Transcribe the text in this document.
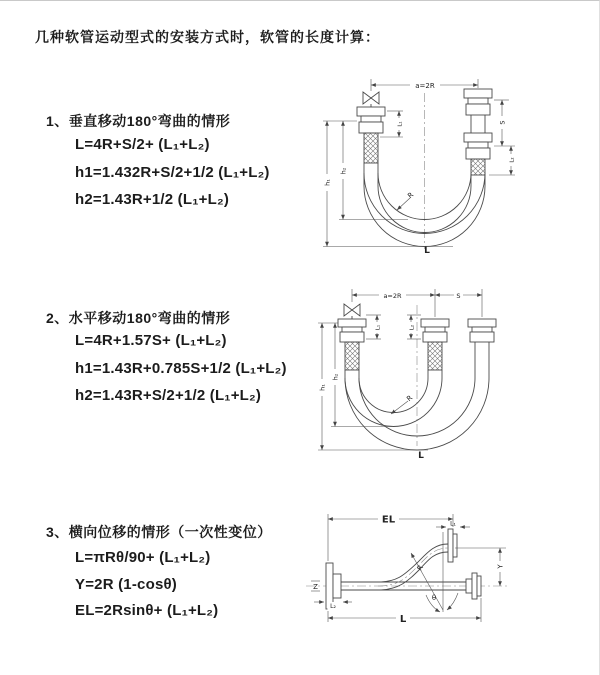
几种软管运动型式的安装方式时，软管的长度计算：
1、垂直移动180°弯曲的情形
L=4R+S/2+ (L₁+L₂)
h1=1.432R+S/2+1/2 (L₁+L₂)
h2=1.43R+1/2 (L₁+L₂)
2、水平移动180°弯曲的情形
L=4R+1.57S+ (L₁+L₂)
h1=1.43R+0.785S+1/2 (L₁+L₂)
h2=1.43R+S/2+1/2 (L₁+L₂)
3、横向位移的情形（一次性变位）
L=πRθ/90+ (L₁+L₂)
Y=2R (1-cosθ)
EL=2Rsinθ+ (L₁+L₂)
a=2R
h₁
h₂
L₁	S
L₂
R
L
a=2R	S
L₁	L₂
h₁
h₂
R
L
EL	L₁
Y
R
θ
L
L₂
Z
